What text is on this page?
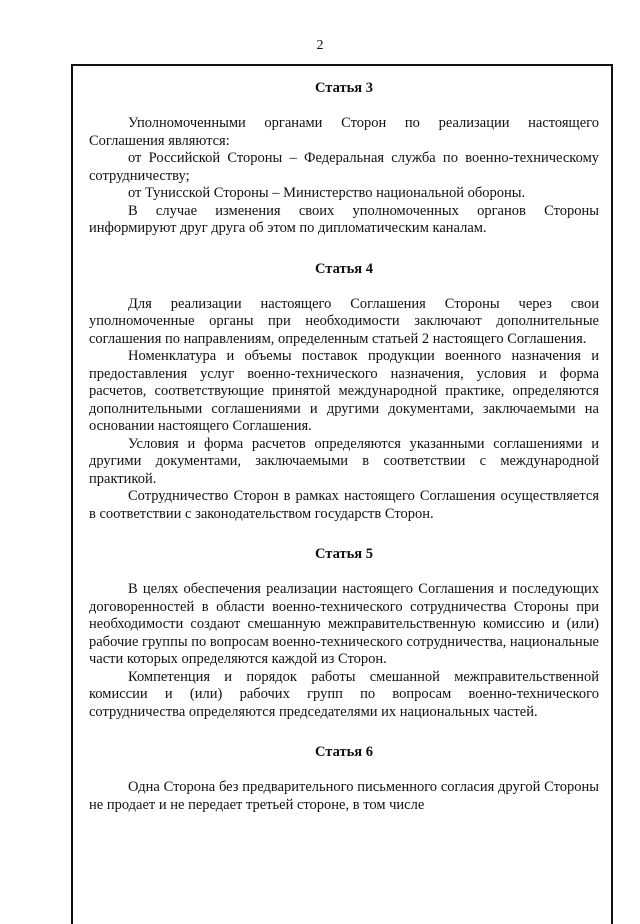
2
Статья 3

Уполномоченными органами Сторон по реализации настоящего Соглашения являются:

от Российской Стороны – Федеральная служба по военно-техническому сотрудничеству;

от Тунисской Стороны – Министерство национальной обороны.

В случае изменения своих уполномоченных органов Стороны информируют друг друга об этом по дипломатическим каналам.

Статья 4

Для реализации настоящего Соглашения Стороны через свои уполномоченные органы при необходимости заключают дополнительные соглашения по направлениям, определенным статьей 2 настоящего Соглашения.

Номенклатура и объемы поставок продукции военного назначения и предоставления услуг военно-технического назначения, условия и форма расчетов, соответствующие принятой международной практике, определяются дополнительными соглашениями и другими документами, заключаемыми на основании настоящего Соглашения.

Условия и форма расчетов определяются указанными соглашениями и другими документами, заключаемыми в соответствии с международной практикой.

Сотрудничество Сторон в рамках настоящего Соглашения осуществляется в соответствии с законодательством государств Сторон.

Статья 5

В целях обеспечения реализации настоящего Соглашения и последующих договоренностей в области военно-технического сотрудничества Стороны при необходимости создают смешанную межправительственную комиссию и (или) рабочие группы по вопросам военно-технического сотрудничества, национальные части которых определяются каждой из Сторон.

Компетенция и порядок работы смешанной межправительственной комиссии и (или) рабочих групп по вопросам военно-технического сотрудничества определяются председателями их национальных частей.

Статья 6

Одна Сторона без предварительного письменного согласия другой Стороны не продает и не передает третьей стороне, в том числе
